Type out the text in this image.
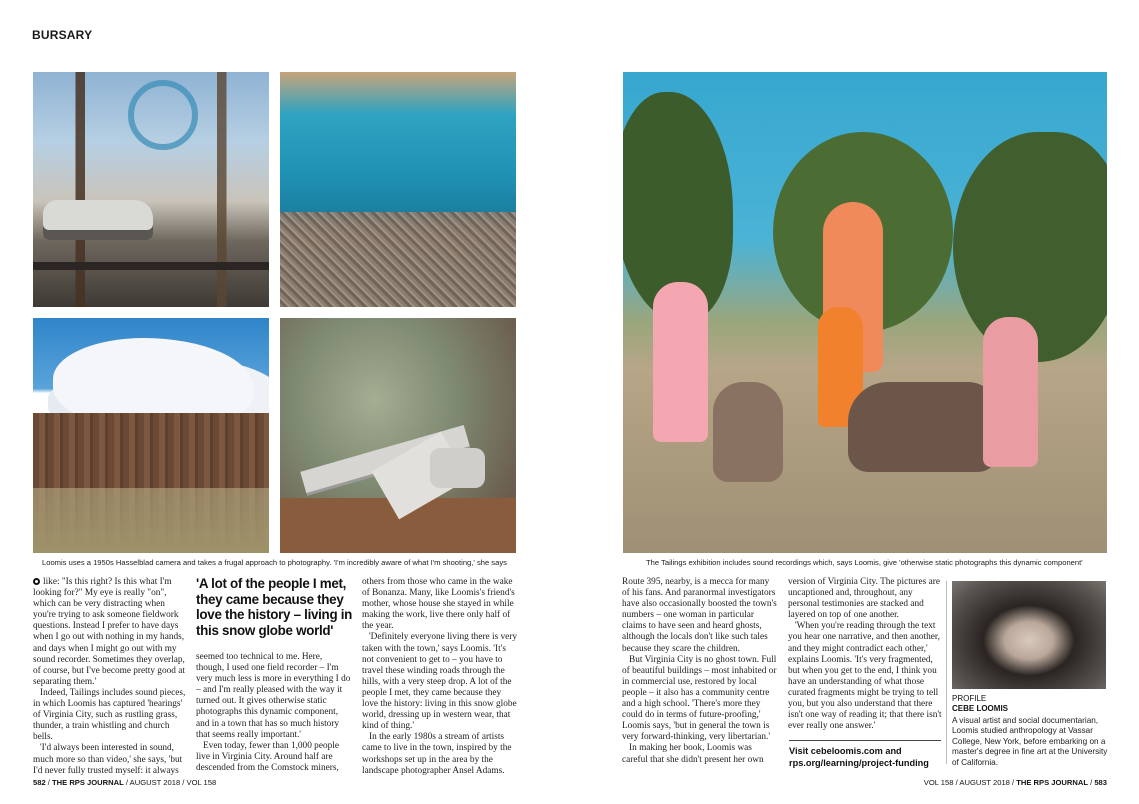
BURSARY
Loomis uses a 1950s Hasselblad camera and takes a frugal approach to photography. 'I'm incredibly aware of what I'm shooting,' she says	The Tailings exhibition includes sound recordings which, says Loomis, give 'otherwise static photographs this dynamic component'

like: "Is this right? Is this what I'm looking for?" My eye is really "on", which can be very distracting when you're trying to ask someone fieldwork questions. Instead I prefer to have days when I go out with nothing in my hands, and days when I might go out with my sound recorder. Sometimes they overlap, of course, but I've become pretty good at separating them.'

Indeed, Tailings includes sound pieces, in which Loomis has captured 'hearings' of Virginia City, such as rustling grass, thunder, a train whistling and church bells.

'I'd always been interested in sound, much more so than video,' she says, 'but I'd never fully trusted myself: it always

'A lot of the people I met, they came because they love the history – living in this snow globe world'

seemed too technical to me. Here, though, I used one field recorder – I'm very much less is more in everything I do – and I'm really pleased with the way it turned out. It gives otherwise static photographs this dynamic component, and in a town that has so much history that seems really important.'

Even today, fewer than 1,000 people live in Virginia City. Around half are descended from the Comstock miners,

others from those who came in the wake of Bonanza. Many, like Loomis's friend's mother, whose house she stayed in while making the work, live there only half of the year.

'Definitely everyone living there is very taken with the town,' says Loomis. 'It's not convenient to get to – you have to travel these winding roads through the hills, with a very steep drop. A lot of the people I met, they came because they love the history: living in this snow globe world, dressing up in western wear, that kind of thing.'

In the early 1980s a stream of artists came to live in the town, inspired by the workshops set up in the area by the landscape photographer Ansel Adams.

Route 395, nearby, is a mecca for many of his fans. And paranormal investigators have also occasionally boosted the town's numbers – one woman in particular claims to have seen and heard ghosts, although the locals don't like such tales because they scare the children.

But Virginia City is no ghost town. Full of beautiful buildings – most inhabited or in commercial use, restored by local people – it also has a community centre and a high school. 'There's more they could do in terms of future-proofing,' Loomis says, 'but in general the town is very forward-thinking, very libertarian.'

In making her book, Loomis was careful that she didn't present her own

version of Virginia City. The pictures are uncaptioned and, throughout, any personal testimonies are stacked and layered on top of one another.

'When you're reading through the text you hear one narrative, and then another, and they might contradict each other,' explains Loomis. 'It's very fragmented, but when you get to the end, I think you have an understanding of what those curated fragments might be trying to tell you, but you also understand that there isn't one way of reading it; that there isn't ever really one answer.'

Visit cebeloomis.com and
rps.org/learning/project-funding
PROFILE
CEBE LOOMIS
A visual artist and social documentarian, Loomis studied anthropology at Vassar College, New York, before embarking on a master's degree in fine art at the University of California.
582 / THE RPS JOURNAL / AUGUST 2018 / VOL 158	VOL 158 / AUGUST 2018 / THE RPS JOURNAL / 583
